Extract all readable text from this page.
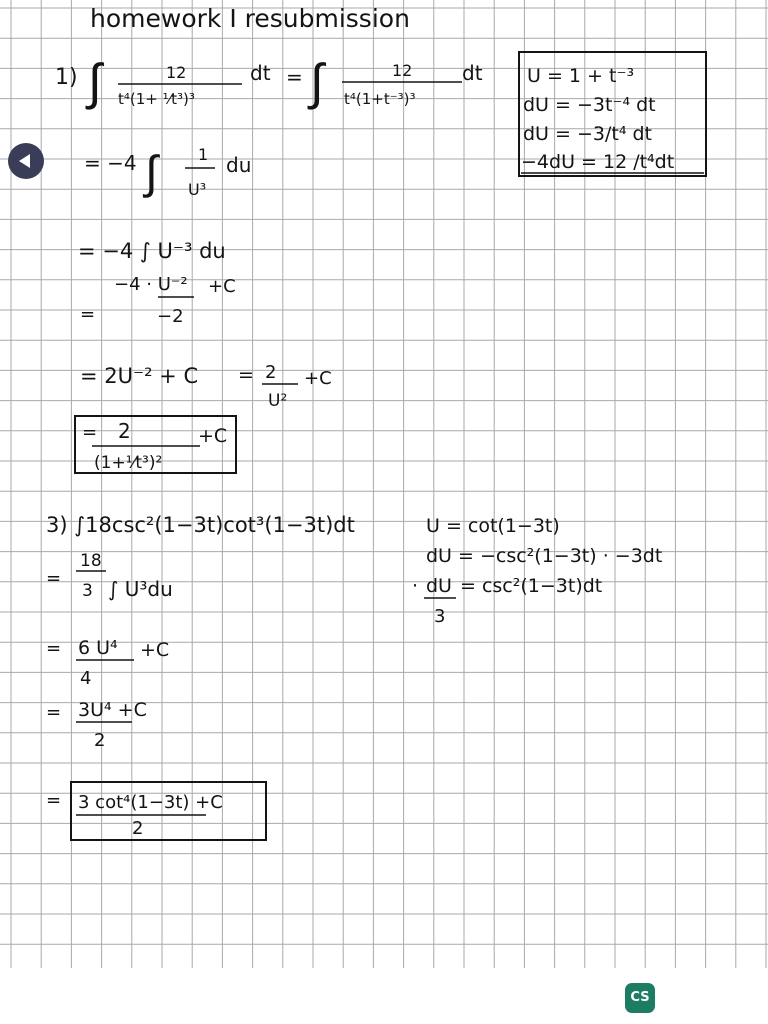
homework I resubmission
1) ∫	12
t⁴(1+ ¹⁄t³)³
dt = ∫	12
t⁴(1+t⁻³)³
dt U = 1 + t⁻³
dU = −3t⁻⁴ dt
dU = −3/t⁴ dt
−4dU = 12 /t⁴dt
= −4 ∫	1
U³
du
= −4 ∫ U⁻³ du
−4 · U⁻² +C
=	−2
= 2U⁻² + C = 2
U²
+C
= 2
(1+¹⁄t³)²
+C
3) ∫18csc²(1−3t)cot³(1−3t)dt	U = cot(1−3t)
dU = −csc²(1−3t) · −3dt
· dU = csc²(1−3t)dt
3
=
18
3 ∫ U³du
= 6 U⁴ +C
4
= 3U⁴ +C
2
= 3 cot⁴(1−3t) +C
2
CS
